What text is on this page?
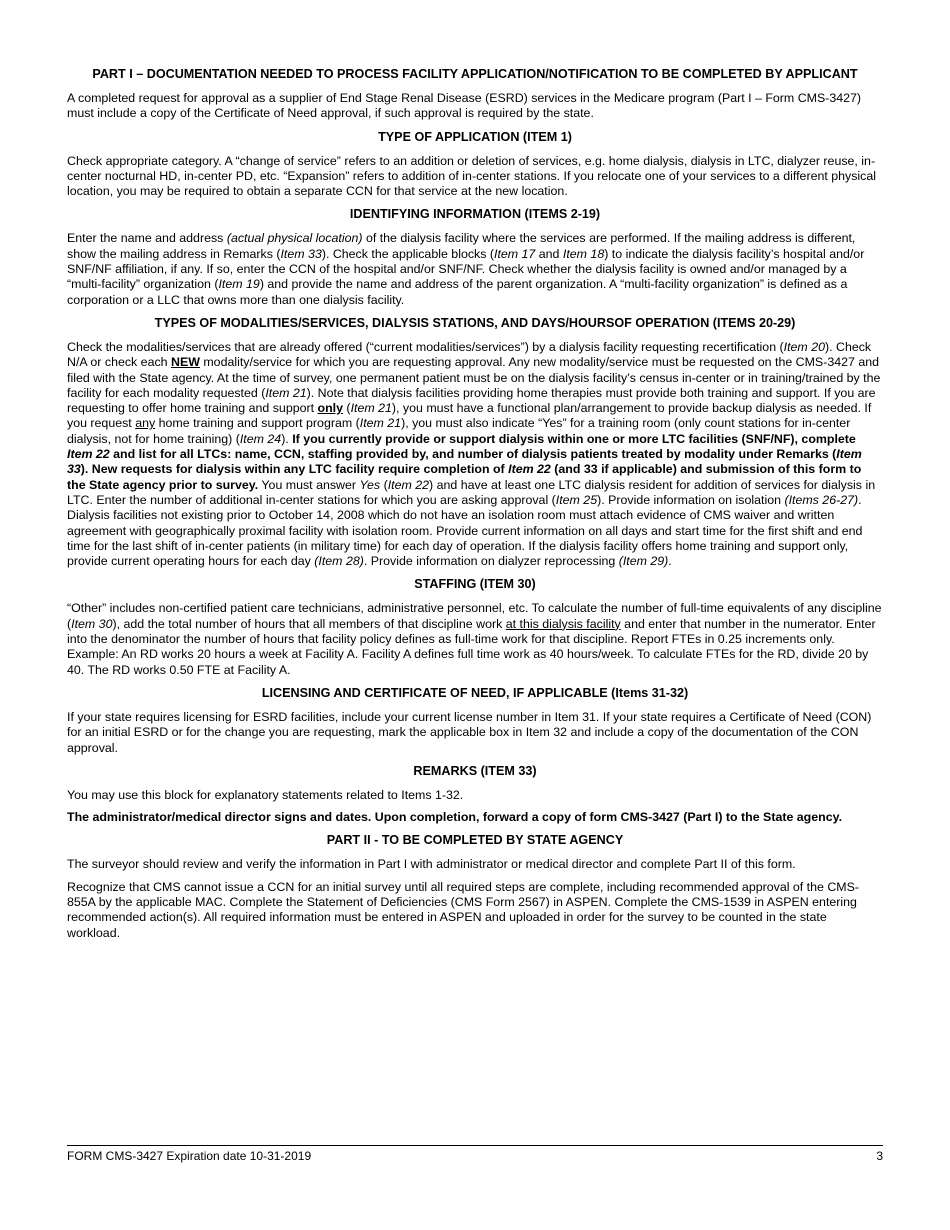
PART I – DOCUMENTATION NEEDED TO PROCESS FACILITY APPLICATION/NOTIFICATION TO BE COMPLETED BY APPLICANT

A completed request for approval as a supplier of End Stage Renal Disease (ESRD) services in the Medicare program (Part I – Form CMS-3427) must include a copy of the Certificate of Need approval, if such approval is required by the state.

TYPE OF APPLICATION (ITEM 1)

Check appropriate category. A “change of service” refers to an addition or deletion of services, e.g. home dialysis, dialysis in LTC, dialyzer reuse, in-center nocturnal HD, in-center PD, etc. “Expansion” refers to addition of in-center stations. If you relocate one of your services to a different physical location, you may be required to obtain a separate CCN for that service at the new location.

IDENTIFYING INFORMATION (ITEMS 2-19)

Enter the name and address (actual physical location) of the dialysis facility where the services are performed. If the mailing address is different, show the mailing address in Remarks (Item 33). Check the applicable blocks (Item 17 and Item 18) to indicate the dialysis facility’s hospital and/or SNF/NF affiliation, if any. If so, enter the CCN of the hospital and/or SNF/NF. Check whether the dialysis facility is owned and/or managed by a “multi-facility” organization (Item 19) and provide the name and address of the parent organization. A “multi-facility organization” is defined as a corporation or a LLC that owns more than one dialysis facility.

TYPES OF MODALITIES/SERVICES, DIALYSIS STATIONS, AND DAYS/HOURSOF OPERATION (ITEMS 20-29)

Check the modalities/services that are already offered (“current modalities/services”) by a dialysis facility requesting recertification (Item 20). Check N/A or check each NEW modality/service for which you are requesting approval. Any new modality/service must be requested on the CMS-3427 and filed with the State agency. At the time of survey, one permanent patient must be on the dialysis facility’s census in-center or in training/trained by the facility for each modality requested (Item 21). Note that dialysis facilities providing home therapies must provide both training and support. If you are requesting to offer home training and support only (Item 21), you must have a functional plan/arrangement to provide backup dialysis as needed. If you request any home training and support program (Item 21), you must also indicate “Yes” for a training room (only count stations for in-center dialysis, not for home training) (Item 24). If you currently provide or support dialysis within one or more LTC facilities (SNF/NF), complete Item 22 and list for all LTCs: name, CCN, staffing provided by, and number of dialysis patients treated by modality under Remarks (Item 33). New requests for dialysis within any LTC facility require completion of Item 22 (and 33 if applicable) and submission of this form to the State agency prior to survey. You must answer Yes (Item 22) and have at least one LTC dialysis resident for addition of services for dialysis in LTC. Enter the number of additional in-center stations for which you are asking approval (Item 25). Provide information on isolation (Items 26-27). Dialysis facilities not existing prior to October 14, 2008 which do not have an isolation room must attach evidence of CMS waiver and written agreement with geographically proximal facility with isolation room. Provide current information on all days and start time for the first shift and end time for the last shift of in-center patients (in military time) for each day of operation. If the dialysis facility offers home training and support only, provide current operating hours for each day (Item 28). Provide information on dialyzer reprocessing (Item 29).

STAFFING (ITEM 30)

“Other” includes non-certified patient care technicians, administrative personnel, etc. To calculate the number of full-time equivalents of any discipline (Item 30), add the total number of hours that all members of that discipline work at this dialysis facility and enter that number in the numerator. Enter into the denominator the number of hours that facility policy defines as full-time work for that discipline. Report FTEs in 0.25 increments only. Example: An RD works 20 hours a week at Facility A. Facility A defines full time work as 40 hours/week. To calculate FTEs for the RD, divide 20 by 40. The RD works 0.50 FTE at Facility A.

LICENSING AND CERTIFICATE OF NEED, IF APPLICABLE (Items 31-32)

If your state requires licensing for ESRD facilities, include your current license number in Item 31. If your state requires a Certificate of Need (CON) for an initial ESRD or for the change you are requesting, mark the applicable box in Item 32 and include a copy of the documentation of the CON approval.

REMARKS (ITEM 33)

You may use this block for explanatory statements related to Items 1-32.

The administrator/medical director signs and dates. Upon completion, forward a copy of form CMS-3427 (Part I) to the State agency.

PART II - TO BE COMPLETED BY STATE AGENCY

The surveyor should review and verify the information in Part I with administrator or medical director and complete Part II of this form.

Recognize that CMS cannot issue a CCN for an initial survey until all required steps are complete, including recommended approval of the CMS-855A by the applicable MAC. Complete the Statement of Deficiencies (CMS Form 2567) in ASPEN. Complete the CMS-1539 in ASPEN entering recommended action(s). All required information must be entered in ASPEN and uploaded in order for the survey to be counted in the state workload.

FORM CMS-3427 Expiration date 10-31-2019	3
